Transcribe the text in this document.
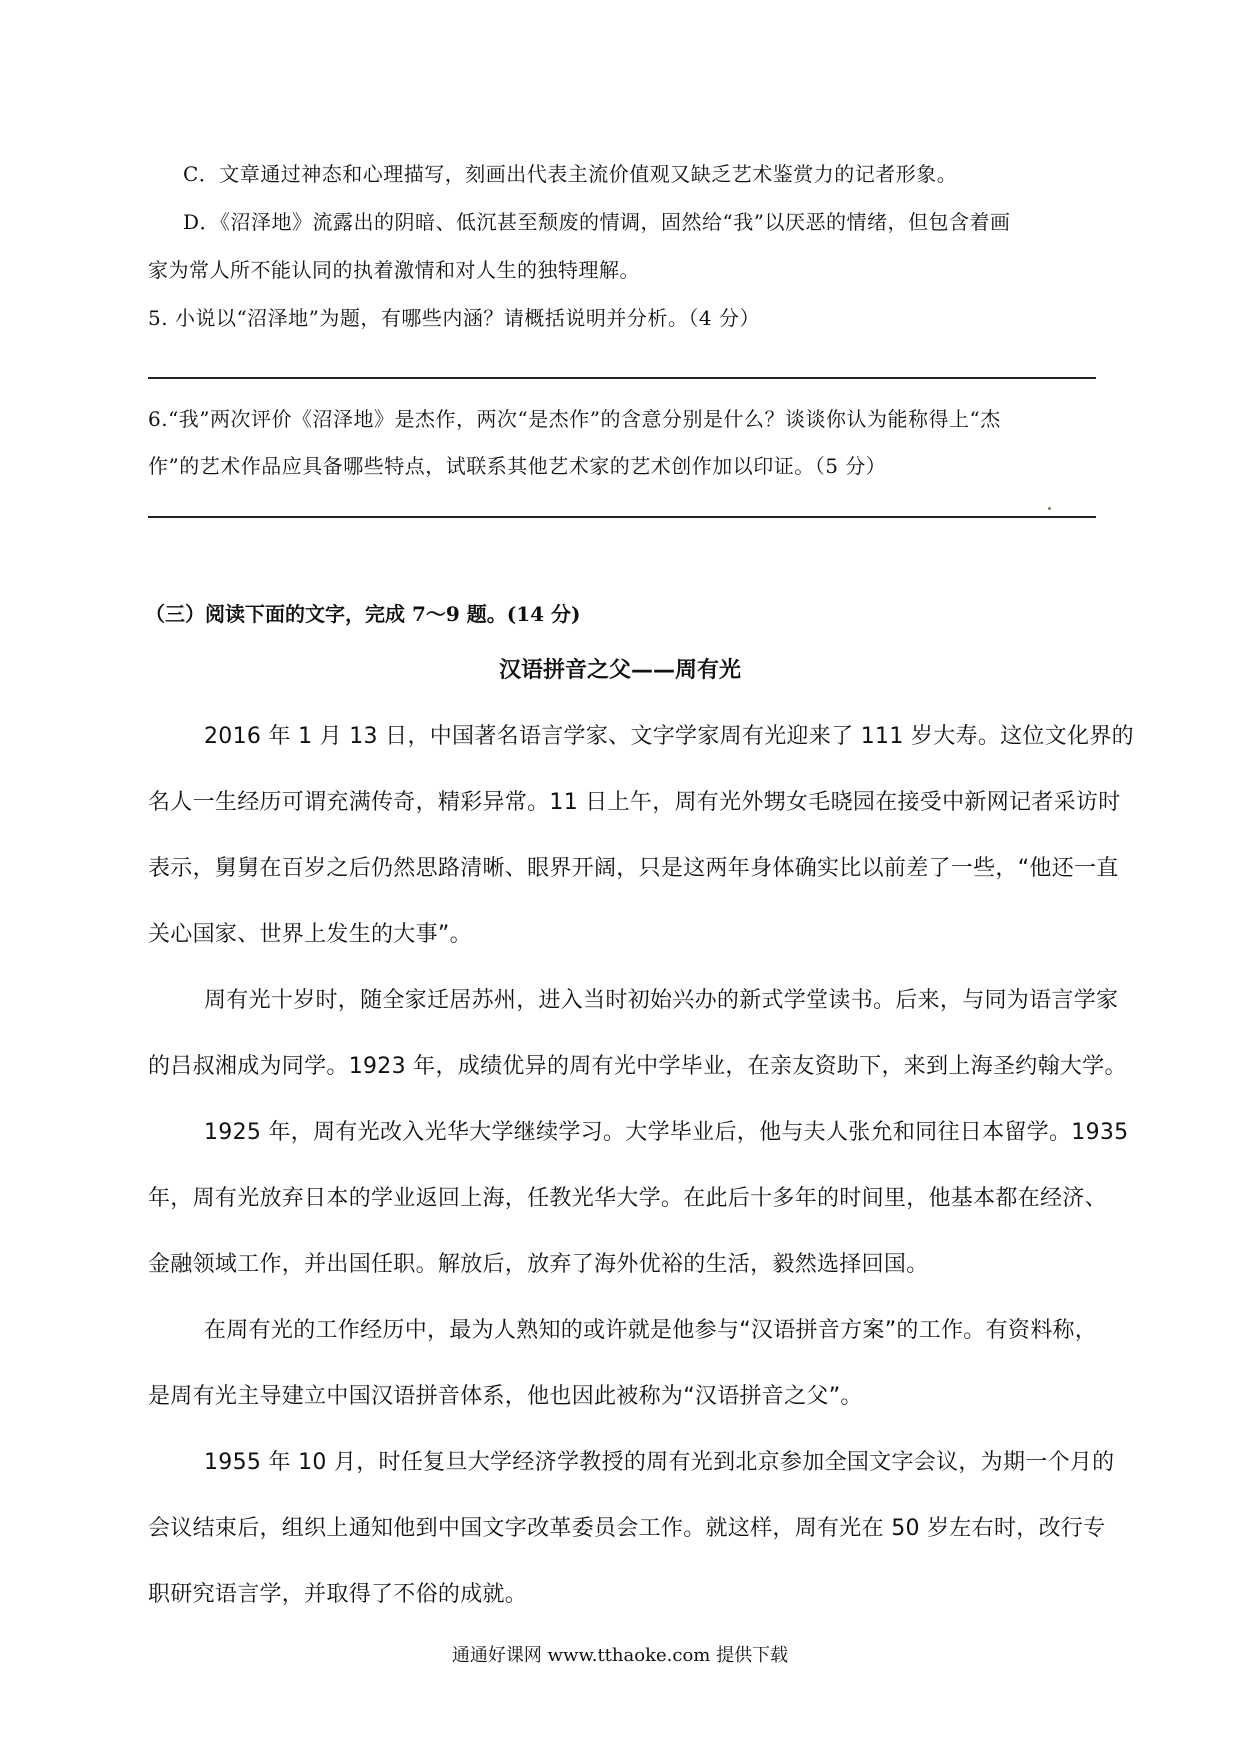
C．文章通过神态和心理描写，刻画出代表主流价值观又缺乏艺术鉴赏力的记者形象。
D．《沼泽地》流露出的阴暗、低沉甚至颓废的情调，固然给“我”以厌恶的情绪，但包含着画
家为常人所不能认同的执着激情和对人生的独特理解。
5. 小说以“沼泽地”为题，有哪些内涵？请概括说明并分析。（4 分）
6.“我”两次评价《沼泽地》是杰作，两次“是杰作”的含意分别是什么？谈谈你认为能称得上“杰
作”的艺术作品应具备哪些特点，试联系其他艺术家的艺术创作加以印证。（5 分）
（三）阅读下面的文字，完成 7～9 题。(14 分)
汉语拼音之父——周有光
2016 年 1 月 13 日，中国著名语言学家、文字学家周有光迎来了 111 岁大寿。这位文化界的
名人一生经历可谓充满传奇，精彩异常。11 日上午，周有光外甥女毛晓园在接受中新网记者采访时
表示，舅舅在百岁之后仍然思路清晰、眼界开阔，只是这两年身体确实比以前差了一些，“他还一直
关心国家、世界上发生的大事”。
周有光十岁时，随全家迁居苏州，进入当时初始兴办的新式学堂读书。后来，与同为语言学家
的吕叔湘成为同学。1923 年，成绩优异的周有光中学毕业，在亲友资助下，来到上海圣约翰大学。
1925 年，周有光改入光华大学继续学习。大学毕业后，他与夫人张允和同往日本留学。1935
年，周有光放弃日本的学业返回上海，任教光华大学。在此后十多年的时间里，他基本都在经济、
金融领域工作，并出国任职。解放后，放弃了海外优裕的生活，毅然选择回国。
在周有光的工作经历中，最为人熟知的或许就是他参与“汉语拼音方案”的工作。有资料称，
是周有光主导建立中国汉语拼音体系，他也因此被称为“汉语拼音之父”。
1955 年 10 月，时任复旦大学经济学教授的周有光到北京参加全国文字会议，为期一个月的
会议结束后，组织上通知他到中国文字改革委员会工作。就这样，周有光在 50 岁左右时，改行专
职研究语言学，并取得了不俗的成就。
通通好课网 www.tthaoke.com 提供下载
